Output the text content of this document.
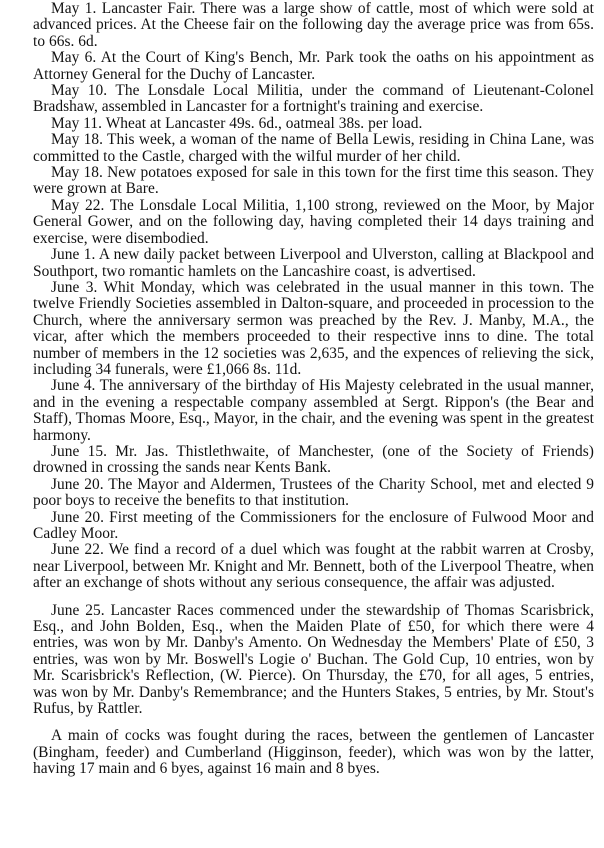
May 1. Lancaster Fair. There was a large show of cattle, most of which were sold at advanced prices. At the Cheese fair on the following day the average price was from 65s. to 66s. 6d.

May 6. At the Court of King's Bench, Mr. Park took the oaths on his appointment as Attorney General for the Duchy of Lancaster.

May 10. The Lonsdale Local Militia, under the command of Lieutenant-Colonel Bradshaw, assembled in Lancaster for a fortnight's training and exercise.

May 11. Wheat at Lancaster 49s. 6d., oatmeal 38s. per load.

May 18. This week, a woman of the name of Bella Lewis, residing in China Lane, was committed to the Castle, charged with the wilful murder of her child.

May 18. New potatoes exposed for sale in this town for the first time this season. They were grown at Bare.

May 22. The Lonsdale Local Militia, 1,100 strong, reviewed on the Moor, by Major General Gower, and on the following day, having completed their 14 days training and exercise, were disembodied.

June 1. A new daily packet between Liverpool and Ulverston, calling at Blackpool and Southport, two romantic hamlets on the Lancashire coast, is advertised.

June 3. Whit Monday, which was celebrated in the usual manner in this town. The twelve Friendly Societies assembled in Dalton-square, and proceeded in procession to the Church, where the anniversary sermon was preached by the Rev. J. Manby, M.A., the vicar, after which the members proceeded to their respective inns to dine. The total number of members in the 12 societies was 2,635, and the expences of relieving the sick, including 34 funerals, were £1,066 8s. 11d.

June 4. The anniversary of the birthday of His Majesty celebrated in the usual manner, and in the evening a respectable company assembled at Sergt. Rippon's (the Bear and Staff), Thomas Moore, Esq., Mayor, in the chair, and the evening was spent in the greatest harmony.

June 15. Mr. Jas. Thistlethwaite, of Manchester, (one of the Society of Friends) drowned in crossing the sands near Kents Bank.

June 20. The Mayor and Aldermen, Trustees of the Charity School, met and elected 9 poor boys to receive the benefits to that institution.

June 20. First meeting of the Commissioners for the enclosure of Fulwood Moor and Cadley Moor.

June 22. We find a record of a duel which was fought at the rabbit warren at Crosby, near Liverpool, between Mr. Knight and Mr. Bennett, both of the Liverpool Theatre, when after an exchange of shots without any serious consequence, the affair was adjusted.

June 25. Lancaster Races commenced under the stewardship of Thomas Scarisbrick, Esq., and John Bolden, Esq., when the Maiden Plate of £50, for which there were 4 entries, was won by Mr. Danby's Amento. On Wednesday the Members' Plate of £50, 3 entries, was won by Mr. Boswell's Logie o' Buchan. The Gold Cup, 10 entries, won by Mr. Scarisbrick's Reflection, (W. Pierce). On Thursday, the £70, for all ages, 5 entries, was won by Mr. Danby's Remembrance; and the Hunters Stakes, 5 entries, by Mr. Stout's Rufus, by Rattler.

A main of cocks was fought during the races, between the gentlemen of Lancaster (Bingham, feeder) and Cumberland (Higginson, feeder), which was won by the latter, having 17 main and 6 byes, against 16 main and 8 byes.
